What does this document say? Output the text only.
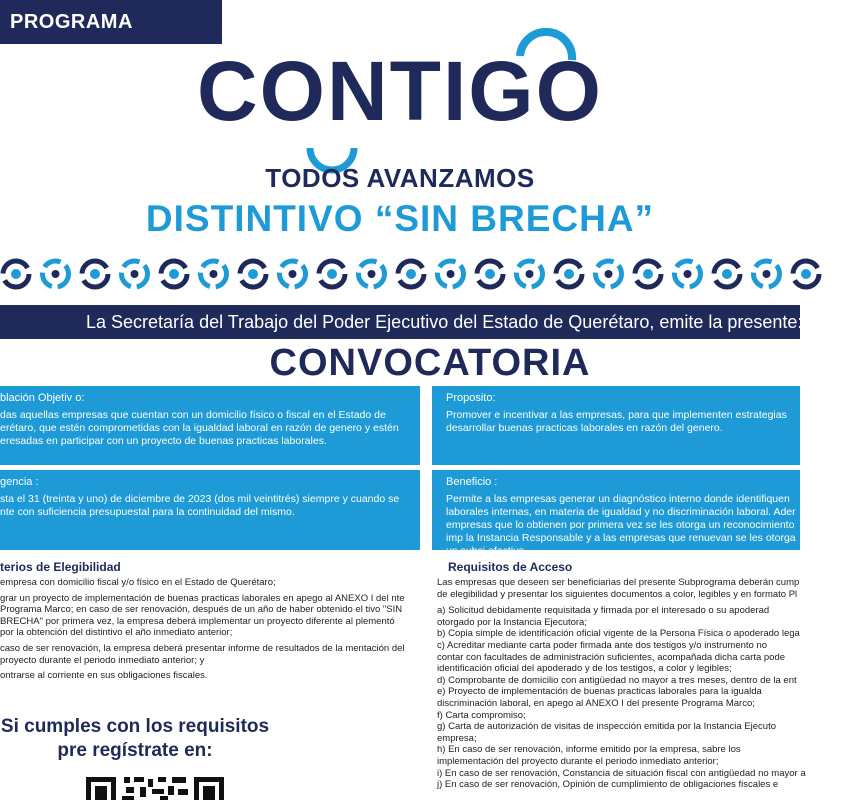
PROGRAMA ESTATAL	CONTIGO
TODOS AVANZAMOS
DISTINTIVO “SIN BRECHA”
La Secretaría del Trabajo del Poder Ejecutivo del Estado de Querétaro, emite la presente:
CONVOCATORIA
blación Objetiv o:
das aquellas empresas que cuentan con un domicilio físico o fiscal en el Estado de erétaro, que estén comprometidas con la igualdad laboral en razón de genero y estén eresadas en participar con un proyecto de buenas practicas laborales.
Proposito:
Promover e incentivar a las empresas, para que implementen estrategias desarrollar buenas practicas laborales en razón del genero.
gencia :
sta el 31 (treinta y uno) de diciembre de 2023 (dos mil veintitrés) siempre y cuando se nte con suficiencia presupuestal para la continuidad del mismo.
Beneficio :
Permite a las empresas generar un diagnóstico interno donde identifiquen laborales internas, en materia de igualdad y no discriminación laboral. Ader empresas que lo obtienen por primera vez se les otorga un reconocimiento imp la Instancia Responsable y a las empresas que renuevan se les otorga un subsi efectivo.
terios de Elegibilidad

empresa con domicilio fiscal y/o físico en el Estado de Querétaro;

grar un proyecto de implementación de buenas practicas laborales en apego al ANEXO I del nte Programa Marco; en caso de ser renovación, después de un año de haber obtenido el tivo "SIN BRECHA" por primera vez, la empresa deberá implementar un proyecto diferente al plementó por la obtención del distintivo el año inmediato anterior;

caso de ser renovación, la empresa deberá presentar informe de resultados de la mentación del proyecto durante el periodo inmediato anterior; y

ontrarse al corriente en sus obligaciones fiscales.

Requisitos de Acceso

Las empresas que deseen ser beneficiarias del presente Subprograma deberán cump

de elegibilidad y presentar los siguientes documentos a color, legibles y en formato Pl

a) Solicitud debidamente requisitada y firmada por el interesado o su apoderad

otorgado por la Instancia Ejecutora;

b) Copia simple de identificación oficial vigente de la Persona Física o apoderado lega

c) Acreditar mediante carta poder firmada ante dos testigos y/o instrumento no

contar con facultades de administración suficientes, acompañada dicha carta pode

identificación oficial del apoderado y de los testigos, a color y legibles;

d) Comprobante de domicilio con antigüedad no mayor a tres meses, dentro de la ent

e) Proyecto de implementación de buenas practicas laborales para la igualda

discriminación laboral, en apego al ANEXO I del presente Programa Marco;

f) Carta compromiso;

g) Carta de autorización de visitas de inspección emitida por la Instancia Ejecuto

empresa;

h) En caso de ser renovación, informe emitido por la empresa, sabre los

implementación del proyecto durante el periodo inmediato anterior;

i) En caso de ser renovación, Constancia de situación fiscal con antigüedad no mayor a

j) En caso de ser renovación, Opinión de cumplimiento de obligaciones fiscales e

Si cumples con los requisitos
pre regístrate en:
